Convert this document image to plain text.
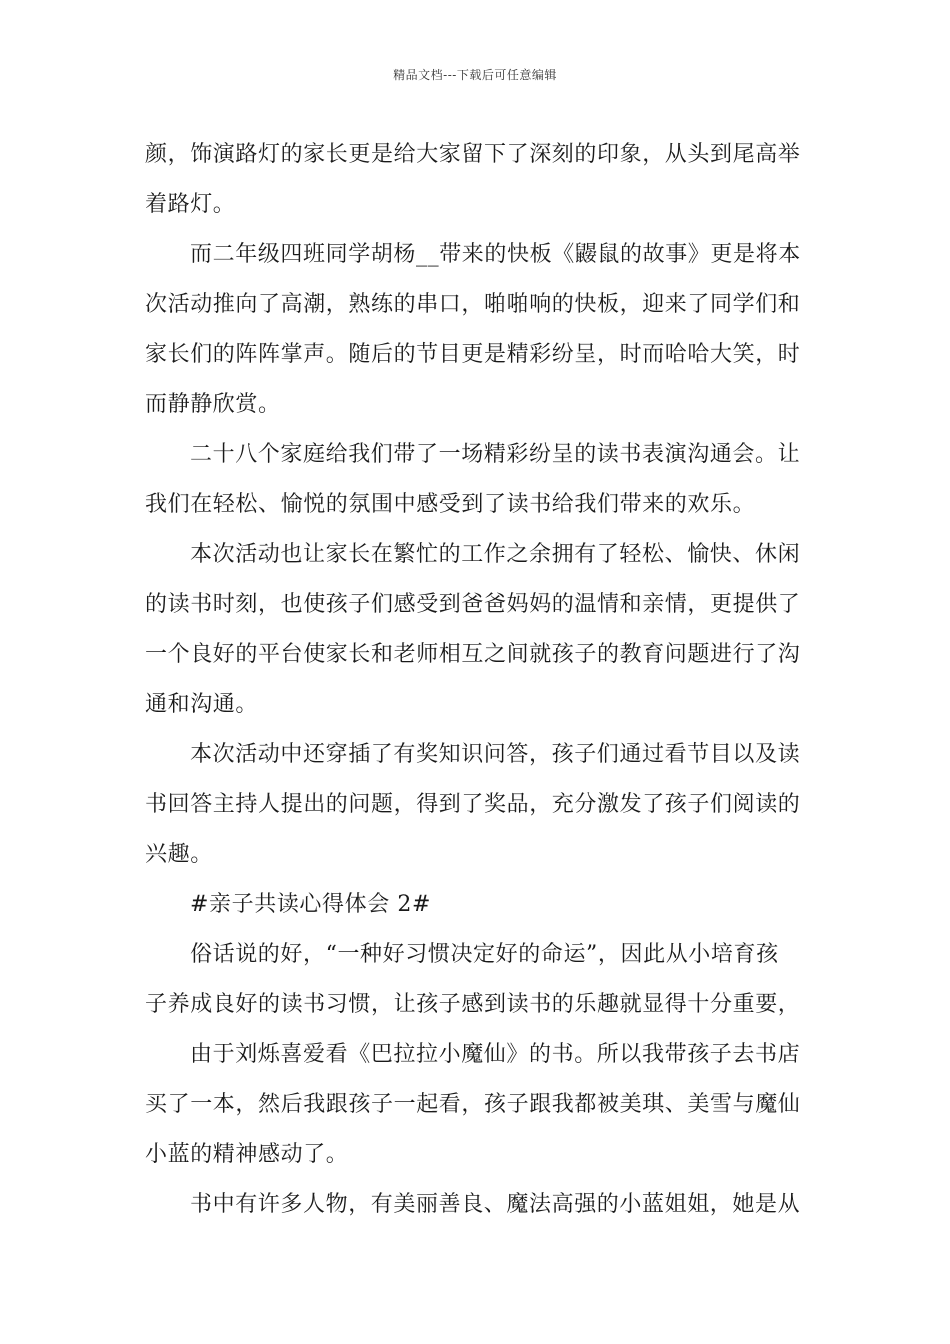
精品文档---下载后可任意编辑
颜，饰演路灯的家长更是给大家留下了深刻的印象，从头到尾高举
着路灯。
而二年级四班同学胡杨__带来的快板《鼹鼠的故事》更是将本
次活动推向了高潮，熟练的串口，啪啪响的快板，迎来了同学们和
家长们的阵阵掌声。随后的节目更是精彩纷呈，时而哈哈大笑，时
而静静欣赏。
二十八个家庭给我们带了一场精彩纷呈的读书表演沟通会。让
我们在轻松、愉悦的氛围中感受到了读书给我们带来的欢乐。
本次活动也让家长在繁忙的工作之余拥有了轻松、愉快、休闲
的读书时刻，也使孩子们感受到爸爸妈妈的温情和亲情，更提供了
一个良好的平台使家长和老师相互之间就孩子的教育问题进行了沟
通和沟通。
本次活动中还穿插了有奖知识问答，孩子们通过看节目以及读
书回答主持人提出的问题，得到了奖品，充分激发了孩子们阅读的
兴趣。
#亲子共读心得体会 2#
俗话说的好，“一种好习惯决定好的命运”，因此从小培育孩
子养成良好的读书习惯，让孩子感到读书的乐趣就显得十分重要，
由于刘烁喜爱看《巴拉拉小魔仙》的书。所以我带孩子去书店
买了一本，然后我跟孩子一起看，孩子跟我都被美琪、美雪与魔仙
小蓝的精神感动了。
书中有许多人物，有美丽善良、魔法高强的小蓝姐姐，她是从
